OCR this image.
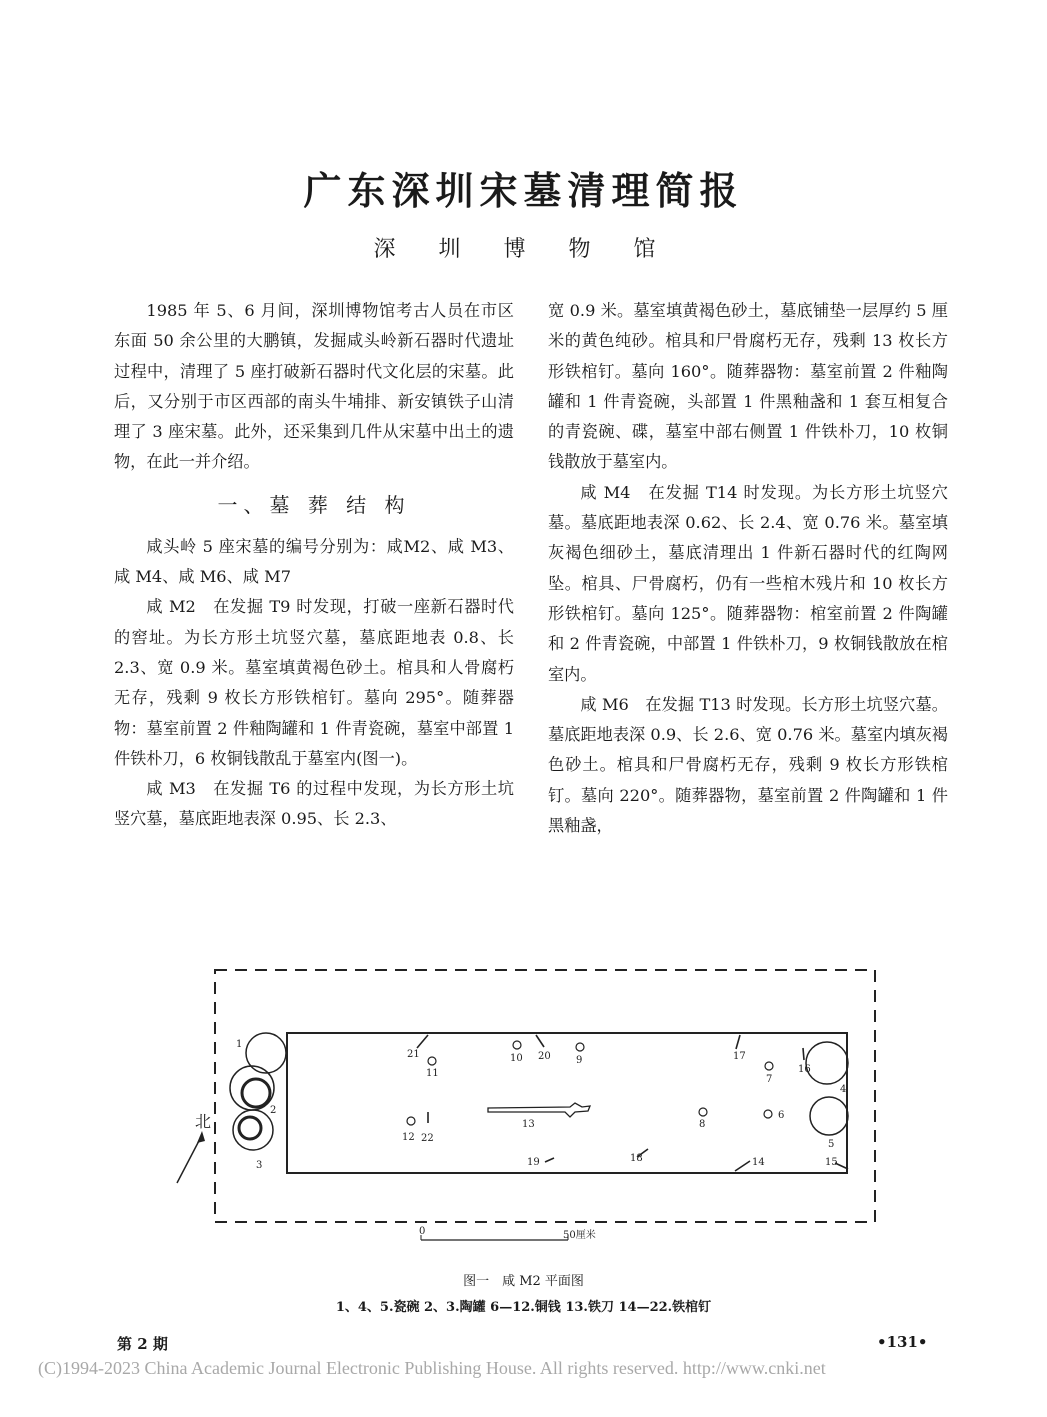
广东深圳宋墓清理简报
深 圳 博 物 馆

1985 年 5、6 月间，深圳博物馆考古人员在市区东面 50 余公里的大鹏镇，发掘咸头岭新石器时代遗址过程中，清理了 5 座打破新石器时代文化层的宋墓。此后，又分别于市区西部的南头牛埔排、新安镇铁子山清理了 3 座宋墓。此外，还采集到几件从宋墓中出土的遗物，在此一并介绍。

一、墓 葬 结 构

咸头岭 5 座宋墓的编号分别为：咸M2、咸 M3、咸 M4、咸 M6、咸 M7

咸 M2　在发掘 T9 时发现，打破一座新石器时代的窖址。为长方形土坑竖穴墓，墓底距地表 0.8、长 2.3、宽 0.9 米。墓室填黄褐色砂土。棺具和人骨腐朽无存，残剩 9 枚长方形铁棺钉。墓向 295°。随葬器物：墓室前置 2 件釉陶罐和 1 件青瓷碗，墓室中部置 1 件铁朴刀，6 枚铜钱散乱于墓室内(图一)。

咸 M3　在发掘 T6 的过程中发现，为长方形土坑竖穴墓，墓底距地表深 0.95、长 2.3、

宽 0.9 米。墓室填黄褐色砂土，墓底铺垫一层厚约 5 厘米的黄色纯砂。棺具和尸骨腐朽无存，残剩 13 枚长方形铁棺钉。墓向 160°。随葬器物：墓室前置 2 件釉陶罐和 1 件青瓷碗，头部置 1 件黑釉盏和 1 套互相复合的青瓷碗、碟，墓室中部右侧置 1 件铁朴刀，10 枚铜钱散放于墓室内。

咸 M4　在发掘 T14 时发现。为长方形土坑竖穴墓。墓底距地表深 0.62、长 2.4、宽 0.76 米。墓室填灰褐色细砂土，墓底清理出 1 件新石器时代的红陶网坠。棺具、尸骨腐朽，仍有一些棺木残片和 10 枚长方形铁棺钉。墓向 125°。随葬器物：棺室前置 2 件陶罐和 2 件青瓷碗，中部置 1 件铁朴刀，9 枚铜钱散放在棺室内。

咸 M6　在发掘 T13 时发现。长方形土坑竖穴墓。墓底距地表深 0.9、长 2.6、宽 0.76 米。墓室内填灰褐色砂土。棺具和尸骨腐朽无存，残剩 9 枚长方形铁棺钉。墓向 220°。随葬器物，墓室前置 2 件陶罐和 1 件黑釉盏，

1
2
3
4
5
6
7
8
9
10
11
12
13
14	15
16
17
18
19
20
21
22
北
0	50厘米
图一　咸 M2 平面图
1、4、5.瓷碗 2、3.陶罐 6—12.铜钱 13.铁刀 14—22.铁棺钉
第 2 期	•131•
(C)1994-2023 China Academic Journal Electronic Publishing House. All rights reserved. http://www.cnki.net
